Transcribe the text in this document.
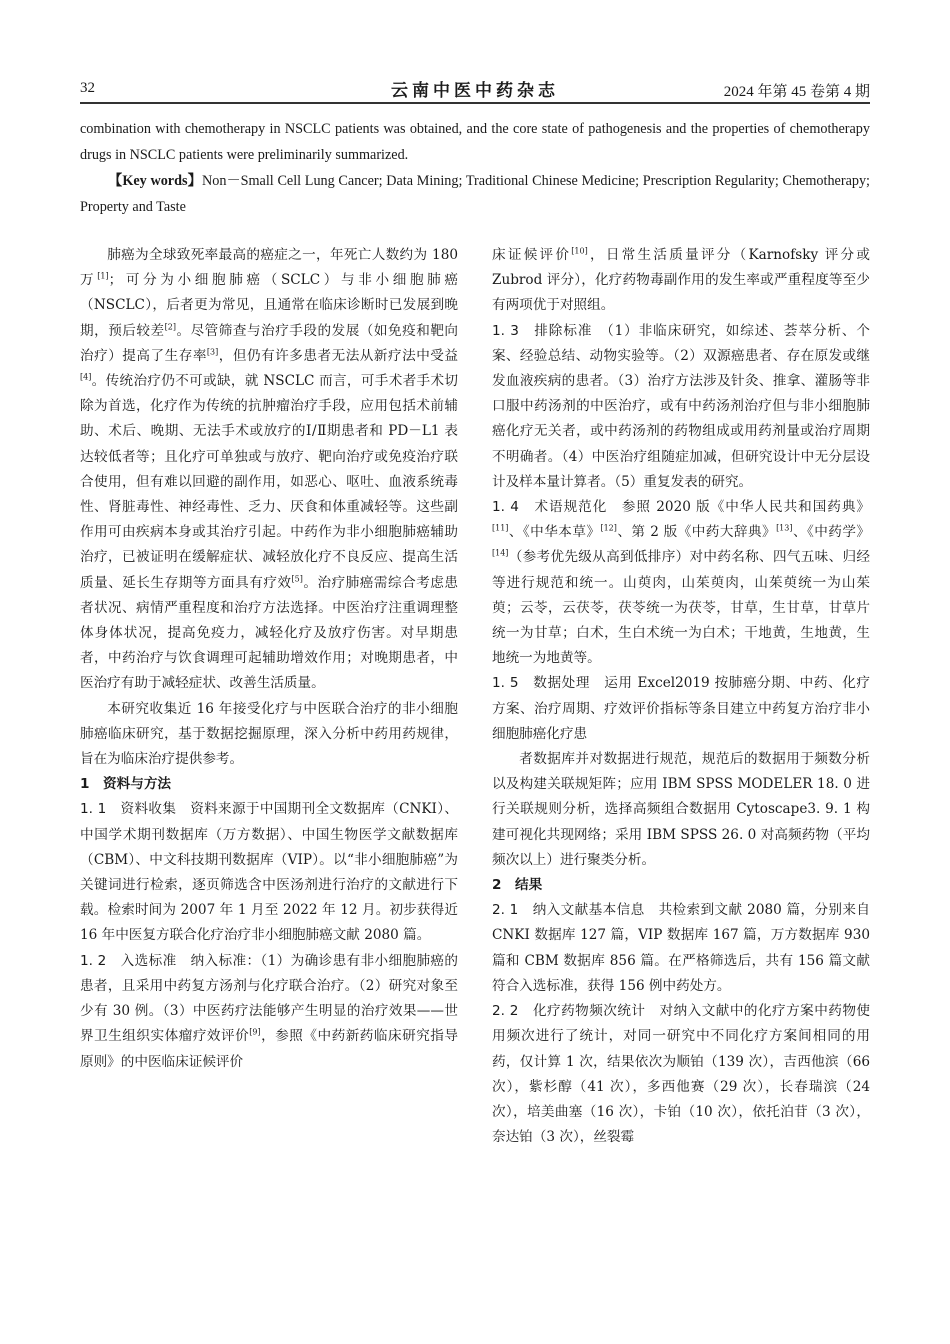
32	云南中医中药杂志	2024 年第 45 卷第 4 期

combination with chemotherapy in NSCLC patients was obtained, and the core state of pathogenesis and the properties of chemotherapy drugs in NSCLC patients were preliminarily summarized.

【Key words】Non－Small Cell Lung Cancer; Data Mining; Traditional Chinese Medicine; Prescription Regularity; Chemotherapy; Property and Taste

肺癌为全球致死率最高的癌症之一，年死亡人数约为 180 万[1]；可分为小细胞肺癌（SCLC）与非小细胞肺癌（NSCLC），后者更为常见，且通常在临床诊断时已发展到晚期，预后较差[2]。尽管筛查与治疗手段的发展（如免疫和靶向治疗）提高了生存率[3]，但仍有许多患者无法从新疗法中受益[4]。传统治疗仍不可或缺，就 NSCLC 而言，可手术者手术切除为首选，化疗作为传统的抗肿瘤治疗手段，应用包括术前辅助、术后、晚期、无法手术或放疗的Ⅰ/Ⅱ期患者和 PD－L1 表达较低者等；且化疗可单独或与放疗、靶向治疗或免疫治疗联合使用，但有难以回避的副作用，如恶心、呕吐、血液系统毒性、肾脏毒性、神经毒性、乏力、厌食和体重减轻等。这些副作用可由疾病本身或其治疗引起。中药作为非小细胞肺癌辅助治疗，已被证明在缓解症状、减轻放化疗不良反应、提高生活质量、延长生存期等方面具有疗效[5]。治疗肺癌需综合考虑患者状况、病情严重程度和治疗方法选择。中医治疗注重调理整体身体状况，提高免疫力，减轻化疗及放疗伤害。对早期患者，中药治疗与饮食调理可起辅助增效作用；对晚期患者，中医治疗有助于减轻症状、改善生活质量。

本研究收集近 16 年接受化疗与中医联合治疗的非小细胞肺癌临床研究，基于数据挖掘原理，深入分析中药用药规律，旨在为临床治疗提供参考。

1　资料与方法

1. 1　资料收集　 资料来源于中国期刊全文数据库（CNKI）、中国学术期刊数据库（万方数据）、中国生物医学文献数据库（CBM）、中文科技期刊数据库（VIP）。以“非小细胞肺癌”为关键词进行检索，逐页筛选含中医汤剂进行治疗的文献进行下载。检索时间为 2007 年 1 月至 2022 年 12 月。初步获得近 16 年中医复方联合化疗治疗非小细胞肺癌文献 2080 篇。

1. 2　入选标准　 纳入标准：（1）为确诊患有非小细胞肺癌的患者，且采用中药复方汤剂与化疗联合治疗。（2）研究对象至少有 30 例。（3）中医药疗法能够产生明显的治疗效果——世界卫生组织实体瘤疗效评价[9]，参照《中药新药临床研究指导原则》的中医临床证候评价

床证候评价[10]，日常生活质量评分（Karnofsky 评分或 Zubrod 评分），化疗药物毒副作用的发生率或严重程度等至少有两项优于对照组。

1. 3　排除标准　 （1）非临床研究，如综述、荟萃分析、个案、经验总结、动物实验等。（2）双源癌患者、存在原发或继发血液疾病的患者。（3）治疗方法涉及针灸、推拿、灌肠等非口服中药汤剂的中医治疗，或有中药汤剂治疗但与非小细胞肺癌化疗无关者，或中药汤剂的药物组成或用药剂量或治疗周期不明确者。（4）中医治疗组随症加减，但研究设计中无分层设计及样本量计算者。（5）重复发表的研究。

1. 4　术语规范化　 参照 2020 版《中华人民共和国药典》[11]、《中华本草》[12]、第 2 版《中药大辞典》[13]、《中药学》[14]（参考优先级从高到低排序）对中药名称、四气五味、归经等进行规范和统一。山萸肉，山茱萸肉，山茱萸统一为山茱萸；云苓，云茯苓，茯苓统一为茯苓，甘草，生甘草，甘草片统一为甘草；白术，生白术统一为白术；干地黄，生地黄，生地统一为地黄等。

1. 5　数据处理　 运用 Excel2019 按肺癌分期、中药、化疗方案、治疗周期、疗效评价指标等条目建立中药复方治疗非小细胞肺癌化疗患

者数据库并对数据进行规范，规范后的数据用于频数分析以及构建关联规矩阵；应用 IBM SPSS MODELER 18. 0 进行关联规则分析，选择高频组合数据用 Cytoscape3. 9. 1 构建可视化共现网络；采用 IBM SPSS 26. 0 对高频药物（平均频次以上）进行聚类分析。

2　结果

2. 1　纳入文献基本信息　 共检索到文献 2080 篇，分别来自 CNKI 数据库 127 篇，VIP 数据库 167 篇，万方数据库 930 篇和 CBM 数据库 856 篇。在严格筛选后，共有 156 篇文献符合入选标准，获得 156 例中药处方。

2. 2　化疗药物频次统计　 对纳入文献中的化疗方案中药物使用频次进行了统计，对同一研究中不同化疗方案间相同的用药，仅计算 1 次，结果依次为顺铂（139 次），吉西他滨（66 次），紫杉醇（41 次），多西他赛（29 次），长春瑞滨（24 次），培美曲塞（16 次），卡铂（10 次），依托泊苷（3 次），奈达铂（3 次），丝裂霉
